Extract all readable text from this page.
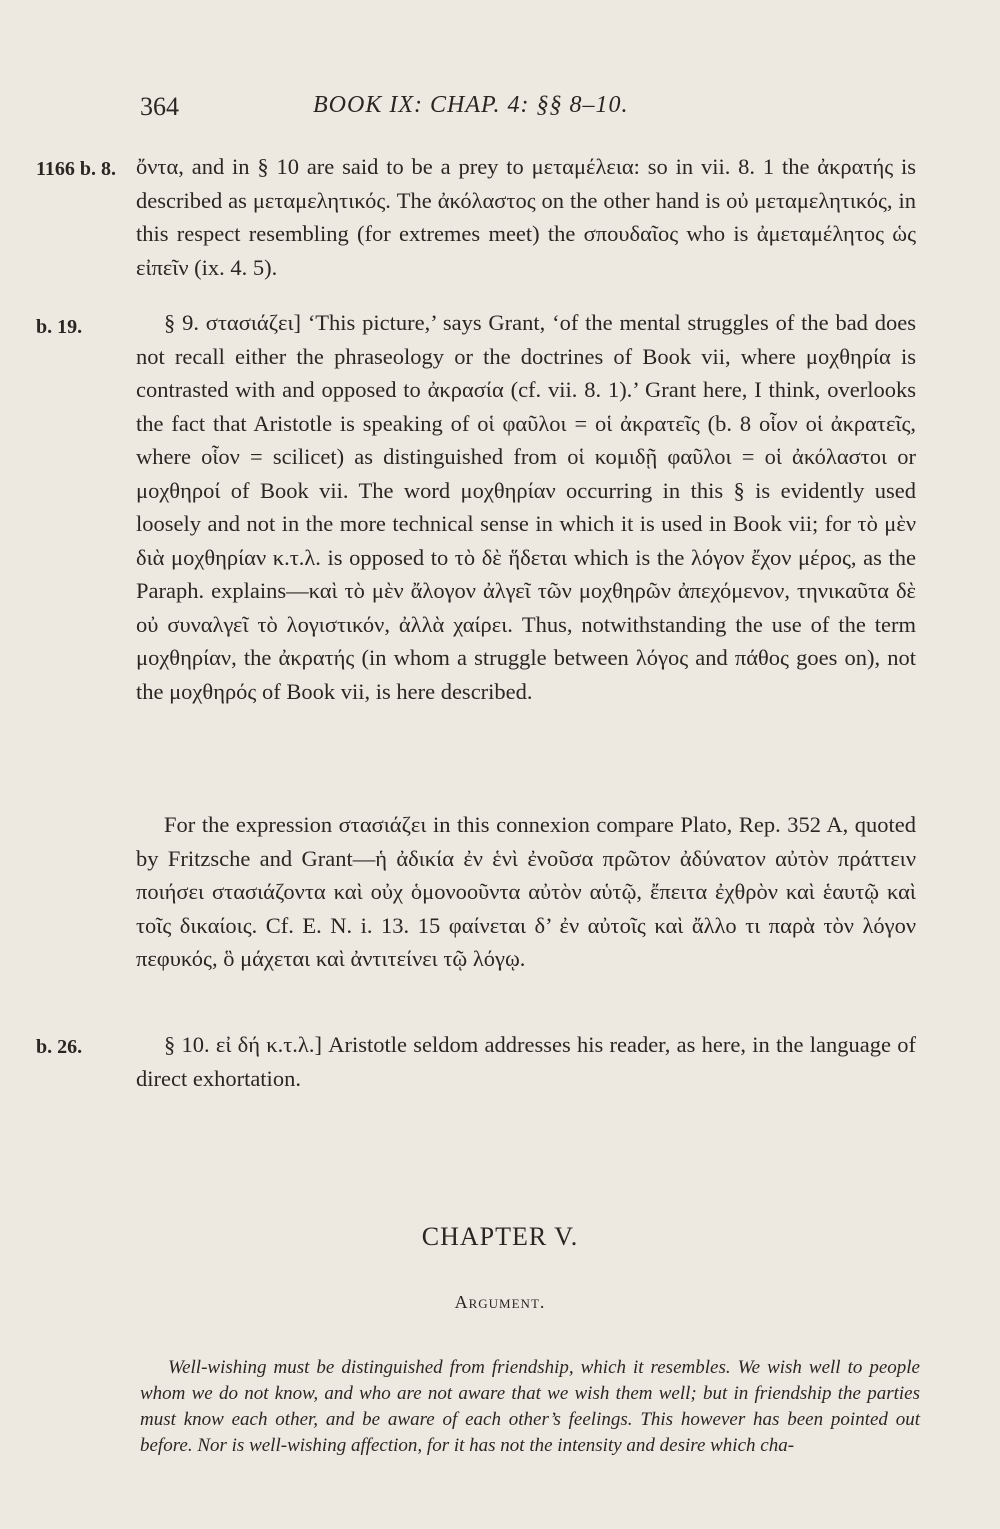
364	BOOK IX: CHAP. 4: §§ 8–10.
1166 b. 8. ὄντα, and in § 10 are said to be a prey to μεταμέλεια: so in vii. 8. 1 the ἀκρατής is described as μεταμελητικός. The ἀκόλαστος on the other hand is οὐ μεταμελητικός, in this respect resembling (for extremes meet) the σπουδαῖος who is ἀμεταμέλητος ὡς εἰπεῖν (ix. 4. 5).
b. 19.	§ 9. στασιάζει] ‘This picture,’ says Grant, ‘of the mental struggles of the bad does not recall either the phraseology or the doctrines of Book vii, where μοχθηρία is contrasted with and opposed to ἀκρασία (cf. vii. 8. 1).’ Grant here, I think, overlooks the fact that Aristotle is speaking of οἱ φαῦλοι = οἱ ἀκρατεῖς (b. 8 οἷον οἱ ἀκρατεῖς, where οἷον = scilicet) as distinguished from οἱ κομιδῇ φαῦλοι = οἱ ἀκόλαστοι or μοχθηροί of Book vii. The word μοχθηρίαν occurring in this § is evidently used loosely and not in the more technical sense in which it is used in Book vii; for τὸ μὲν διὰ μοχθηρίαν κ.τ.λ. is opposed to τὸ δὲ ἥδεται which is the λόγον ἔχον μέρος, as the Paraph. explains—καὶ τὸ μὲν ἄλογον ἀλγεῖ τῶν μοχθηρῶν ἀπεχόμενον, τηνικαῦτα δὲ οὐ συναλγεῖ τὸ λογιστικόν, ἀλλὰ χαίρει. Thus, notwithstanding the use of the term μοχθηρίαν, the ἀκρατής (in whom a struggle between λόγος and πάθος goes on), not the μοχθηρός of Book vii, is here described.
For the expression στασιάζει in this connexion compare Plato, Rep. 352 A, quoted by Fritzsche and Grant—ἡ ἀδικία ἐν ἑνὶ ἐνοῦσα πρῶτον ἀδύνατον αὐτὸν πράττειν ποιήσει στασιάζοντα καὶ οὐχ ὁμονοοῦντα αὐτὸν αὑτῷ, ἔπειτα ἐχθρὸν καὶ ἑαυτῷ καὶ τοῖς δικαίοις. Cf. E. N. i. 13. 15 φαίνεται δ’ ἐν αὐτοῖς καὶ ἄλλο τι παρὰ τὸν λόγον πεφυκός, ὃ μάχεται καὶ ἀντιτείνει τῷ λόγῳ.
b. 26.	§ 10. εἰ δή κ.τ.λ.] Aristotle seldom addresses his reader, as here, in the language of direct exhortation.
CHAPTER V.
Argument.
Well-wishing must be distinguished from friendship, which it resembles. We wish well to people whom we do not know, and who are not aware that we wish them well; but in friendship the parties must know each other, and be aware of each other’s feelings. This however has been pointed out before. Nor is well-wishing affection, for it has not the intensity and desire which cha-
